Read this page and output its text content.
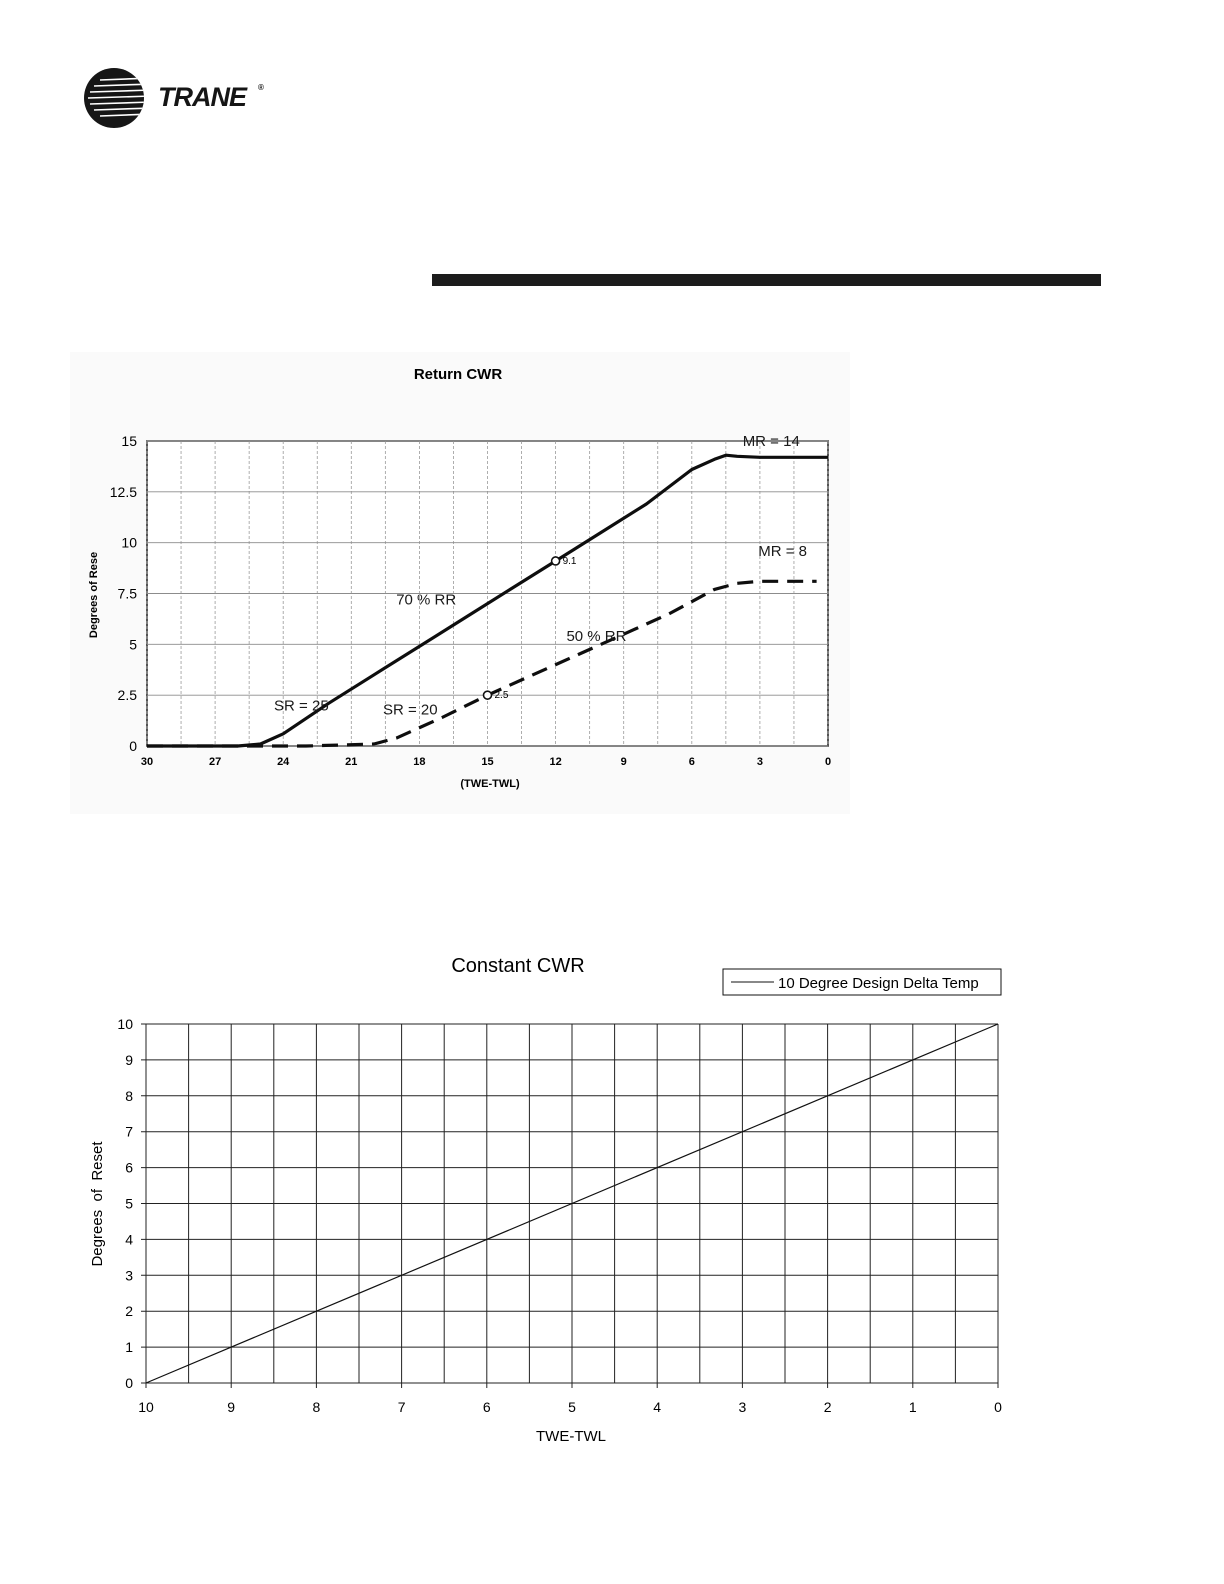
TRANE ®
Return CWR
(TWE-TWL)
Degrees of Rese
0
2.5
5
7.5
10
12.5
15
30	27	24	21	18	15	12	9	6	3	0
9.1
2.5
MR = 14
MR = 8
70 % RR
50 % RR
SR = 25	SR = 20
Constant CWR
10 Degree Design Delta Temp
TWE-TWL
Degrees  of  Reset
0
1
2
3
4
5
6
7
8
9
10
10	9	8	7	6	5	4	3	2	1	0
